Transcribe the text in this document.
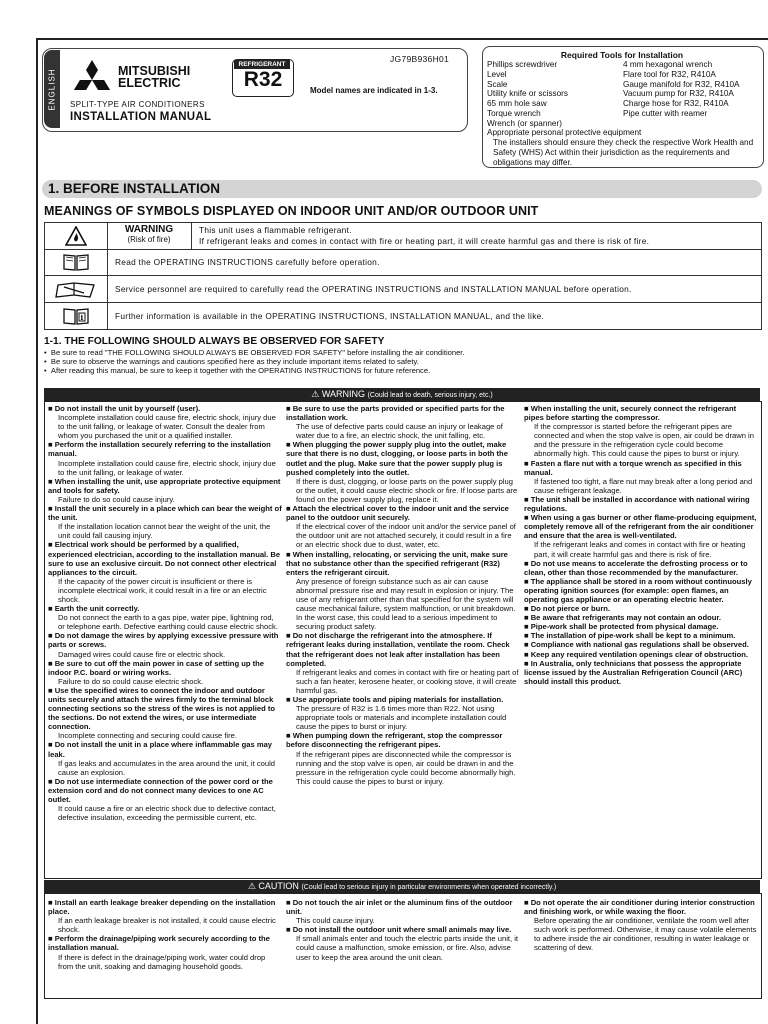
ENGLISH	MITSUBISHI
ELECTRIC
SPLIT-TYPE AIR CONDITIONERS
INSTALLATION MANUAL
REFRIGERANT
R32
JG79B936H01
Model names are indicated in 1-3.
Required Tools for Installation
Phillips screwdriver
Level
Scale
Utility knife or scissors
65 mm hole saw
Torque wrench
Wrench (or spanner)
4 mm hexagonal wrench
Flare tool for R32, R410A
Gauge manifold for R32, R410A
Vacuum pump for R32, R410A
Charge hose for R32, R410A
Pipe cutter with reamer
Appropriate personal protective equipment
The installers should ensure they check the respective Work Health and Safety (WHS) Act within their jurisdiction as the requirements and obligations may differ.
1. BEFORE INSTALLATION
MEANINGS OF SYMBOLS DISPLAYED ON INDOOR UNIT AND/OR OUTDOOR UNIT
WARNING
(Risk of fire)
This unit uses a flammable refrigerant.
If refrigerant leaks and comes in contact with fire or heating part, it will create harmful gas and there is risk of fire.
Read the OPERATING INSTRUCTIONS carefully before operation.
Service personnel are required to carefully read the OPERATING INSTRUCTIONS and INSTALLATION MANUAL before operation.
i	Further information is available in the OPERATING INSTRUCTIONS, INSTALLATION MANUAL, and the like.
1-1. THE FOLLOWING SHOULD ALWAYS BE OBSERVED FOR SAFETY
•  Be sure to read "THE FOLLOWING SHOULD ALWAYS BE OBSERVED FOR SAFETY" before installing the air conditioner.
•  Be sure to observe the warnings and cautions specified here as they include important items related to safety.
•  After reading this manual, be sure to keep it together with the OPERATING INSTRUCTIONS for future reference.
⚠ WARNING (Could lead to death, serious injury, etc.)
■ Do not install the unit by yourself (user).
Incomplete installation could cause fire, electric shock, injury due to the unit falling, or leakage of water. Consult the dealer from whom you purchased the unit or a qualified installer.
■ Perform the installation securely referring to the installation manual.
Incomplete installation could cause fire, electric shock, injury due to the unit falling, or leakage of water.
■ When installing the unit, use appropriate protective equipment and tools for safety.
Failure to do so could cause injury.
■ Install the unit securely in a place which can bear the weight of the unit.
If the installation location cannot bear the weight of the unit, the unit could fall causing injury.
■ Electrical work should be performed by a qualified, experienced electrician, according to the installation manual. Be sure to use an exclusive circuit. Do not connect other electrical appliances to the circuit.
If the capacity of the power circuit is insufficient or there is incomplete electrical work, it could result in a fire or an electric shock.
■ Earth the unit correctly.
Do not connect the earth to a gas pipe, water pipe, lightning rod, or telephone earth. Defective earthing could cause electric shock.
■ Do not damage the wires by applying excessive pressure with parts or screws.
Damaged wires could cause fire or electric shock.
■ Be sure to cut off the main power in case of setting up the indoor P.C. board or wiring works.
Failure to do so could cause electric shock.
■ Use the specified wires to connect the indoor and outdoor units securely and attach the wires firmly to the terminal block connecting sections so the stress of the wires is not applied to the sections. Do not extend the wires, or use intermediate connection.
Incomplete connecting and securing could cause fire.
■ Do not install the unit in a place where inflammable gas may leak.
If gas leaks and accumulates in the area around the unit, it could cause an explosion.
■ Do not use intermediate connection of the power cord or the extension cord and do not connect many devices to one AC outlet.
It could cause a fire or an electric shock due to defective contact, defective insulation, exceeding the permissible current, etc.
■ Be sure to use the parts provided or specified parts for the installation work.
The use of defective parts could cause an injury or leakage of water due to a fire, an electric shock, the unit falling, etc.
■ When plugging the power supply plug into the outlet, make sure that there is no dust, clogging, or loose parts in both the outlet and the plug. Make sure that the power supply plug is pushed completely into the outlet.
If there is dust, clogging, or loose parts on the power supply plug or the outlet, it could cause electric shock or fire. If loose parts are found on the power supply plug, replace it.
■ Attach the electrical cover to the indoor unit and the service panel to the outdoor unit securely.
If the electrical cover of the indoor unit and/or the service panel of the outdoor unit are not attached securely, it could result in a fire or an electric shock due to dust, water, etc.
■ When installing, relocating, or servicing the unit, make sure that no substance other than the specified refrigerant (R32) enters the refrigerant circuit.
Any presence of foreign substance such as air can cause abnormal pressure rise and may result in explosion or injury. The use of any refrigerant other than that specified for the system will cause mechanical failure, system malfunction, or unit breakdown. In the worst case, this could lead to a serious impediment to securing product safety.
■ Do not discharge the refrigerant into the atmosphere. If refrigerant leaks during installation, ventilate the room. Check that the refrigerant does not leak after installation has been completed.
If refrigerant leaks and comes in contact with fire or heating part of such a fan heater, kerosene heater, or cooking stove, it will create harmful gas.
■ Use appropriate tools and piping materials for installation.
The pressure of R32 is 1.6 times more than R22. Not using appropriate tools or materials and incomplete installation could cause the pipes to burst or injury.
■ When pumping down the refrigerant, stop the compressor before disconnecting the refrigerant pipes.
If the refrigerant pipes are disconnected while the compressor is running and the stop valve is open, air could be drawn in and the pressure in the refrigeration cycle could become abnormally high. This could cause the pipes to burst or injury.
■ When installing the unit, securely connect the refrigerant pipes before starting the compressor.
If the compressor is started before the refrigerant pipes are connected and when the stop valve is open, air could be drawn in and the pressure in the refrigeration cycle could become abnormally high. This could cause the pipes to burst or injury.
■ Fasten a flare nut with a torque wrench as specified in this manual.
If fastened too tight, a flare nut may break after a long period and cause refrigerant leakage.
■ The unit shall be installed in accordance with national wiring regulations.
■ When using a gas burner or other flame-producing equipment, completely remove all of the refrigerant from the air conditioner and ensure that the area is well-ventilated.
If the refrigerant leaks and comes in contact with fire or heating part, it will create harmful gas and there is risk of fire.
■ Do not use means to accelerate the defrosting process or to clean, other than those recommended by the manufacturer.
■ The appliance shall be stored in a room without continuously operating ignition sources (for example: open flames, an operating gas appliance or an operating electric heater.
■ Do not pierce or burn.
■ Be aware that refrigerants may not contain an odour.
■ Pipe-work shall be protected from physical damage.
■ The installation of pipe-work shall be kept to a minimum.
■ Compliance with national gas regulations shall be observed.
■ Keep any required ventilation openings clear of obstruction.
■ In Australia, only technicians that possess the appropriate license issued by the Australian Refrigeration Council (ARC) should install this product.
⚠ CAUTION (Could lead to serious injury in particular environments when operated incorrectly.)
■ Install an earth leakage breaker depending on the installation place.
If an earth leakage breaker is not installed, it could cause electric shock.
■ Perform the drainage/piping work securely according to the installation manual.
If there is defect in the drainage/piping work, water could drop from the unit, soaking and damaging household goods.
■ Do not touch the air inlet or the aluminum fins of the outdoor unit.
This could cause injury.
■ Do not install the outdoor unit where small animals may live.
If small animals enter and touch the electric parts inside the unit, it could cause a malfunction, smoke emission, or fire. Also, advise user to keep the area around the unit clean.
■ Do not operate the air conditioner during interior construction and finishing work, or while waxing the floor.
Before operating the air conditioner, ventilate the room well after such work is performed. Otherwise, it may cause volatile elements to adhere inside the air conditioner, resulting in water leakage or scattering of dew.
